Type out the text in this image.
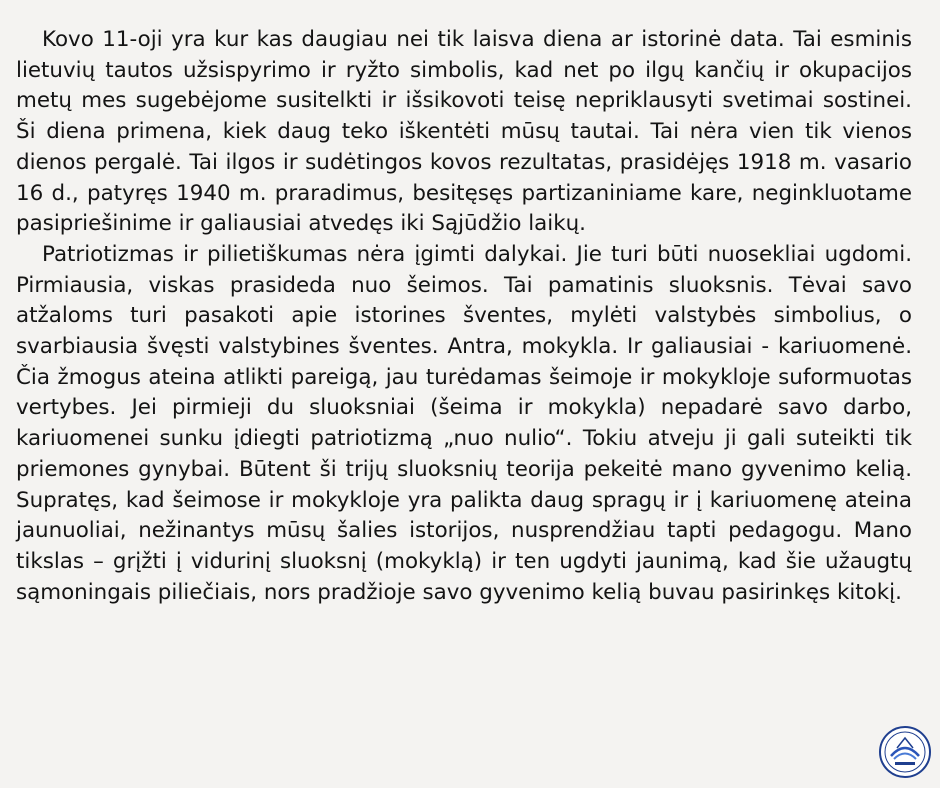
Kovo 11-oji yra kur kas daugiau nei tik laisva diena ar istorinė data. Tai esminis lietuvių tautos užsispyrimo ir ryžto simbolis, kad net po ilgų kančių ir okupacijos metų mes sugebėjome susitelkti ir išsikovoti teisę nepriklausyti svetimai sostinei. Ši diena primena, kiek daug teko iškentėti mūsų tautai. Tai nėra vien tik vienos dienos pergalė. Tai ilgos ir sudėtingos kovos rezultatas, prasidėjęs 1918 m. vasario 16 d., patyręs 1940 m. praradimus, besitęsęs partizaniniame kare, neginkluotame pasipriešinime ir galiausiai atvedęs iki Sąjūdžio laikų.

Patriotizmas ir pilietiškumas nėra įgimti dalykai. Jie turi būti nuosekliai ugdomi. Pirmiausia, viskas prasideda nuo šeimos. Tai pamatinis sluoksnis. Tėvai savo atžaloms turi pasakoti apie istorines šventes, mylėti valstybės simbolius, o svarbiausia švęsti valstybines šventes. Antra, mokykla. Ir galiausiai - kariuomenė. Čia žmogus ateina atlikti pareigą, jau turėdamas šeimoje ir mokykloje suformuotas vertybes. Jei pirmieji du sluoksniai (šeima ir mokykla) nepadarė savo darbo, kariuomenei sunku įdiegti patriotizmą „nuo nulio“. Tokiu atveju ji gali suteikti tik priemones gynybai. Būtent ši trijų sluoksnių teorija pekeitė mano gyvenimo kelią. Supratęs, kad šeimose ir mokykloje yra palikta daug spragų ir į kariuomenę ateina jaunuoliai, nežinantys mūsų šalies istorijos, nusprendžiau tapti pedagogu. Mano tikslas – grįžti į vidurinį sluoksnį (mokyklą) ir ten ugdyti jaunimą, kad šie užaugtų sąmoningais piliečiais, nors pradžioje savo gyvenimo kelią buvau pasirinkęs kitokį.
